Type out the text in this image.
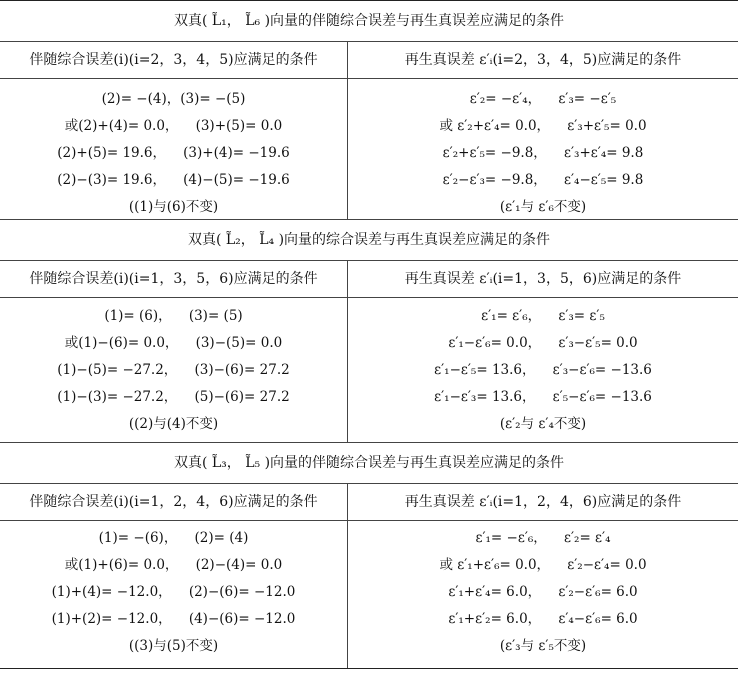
双真( L̃₁， L̃₆ )向量的伴随综合误差与再生真误差应满足的条件
伴随综合误差(i)(i=2，3，4，5)应满足的条件	再生真误差 ε′ᵢ(i=2，3，4，5)应满足的条件
(2)= −(4)，(3)= −(5)
或(2)+(4)= 0.0，    (3)+(5)= 0.0
(2)+(5)= 19.6，    (3)+(4)= −19.6
(2)−(3)= 19.6，    (4)−(5)= −19.6
((1)与(6)不变)
ε′₂= −ε′₄，    ε′₃= −ε′₅
或 ε′₂+ε′₄= 0.0，    ε′₃+ε′₅= 0.0
ε′₂+ε′₅= −9.8，    ε′₃+ε′₄= 9.8
ε′₂−ε′₃= −9.8，    ε′₄−ε′₅= 9.8
(ε′₁与 ε′₆不变)
双真( L̃₂， L̃₄ )向量的综合误差与再生真误差应满足的条件
伴随综合误差(i)(i=1，3，5，6)应满足的条件	再生真误差 ε′ᵢ(i=1，3，5，6)应满足的条件
(1)= (6)，    (3)= (5)
或(1)−(6)= 0.0，    (3)−(5)= 0.0
(1)−(5)= −27.2，    (3)−(6)= 27.2
(1)−(3)= −27.2，    (5)−(6)= 27.2
((2)与(4)不变)
ε′₁= ε′₆，    ε′₃= ε′₅
ε′₁−ε′₆= 0.0，    ε′₃−ε′₅= 0.0
ε′₁−ε′₅= 13.6，    ε′₃−ε′₆= −13.6
ε′₁−ε′₃= 13.6，    ε′₅−ε′₆= −13.6
(ε′₂与 ε′₄不变)
双真( L̃₃， L̃₅ )向量的伴随综合误差与再生真误差应满足的条件
伴随综合误差(i)(i=1，2，4，6)应满足的条件	再生真误差 ε′ᵢ(i=1，2，4，6)应满足的条件
(1)= −(6)，    (2)= (4)
或(1)+(6)= 0.0，    (2)−(4)= 0.0
(1)+(4)= −12.0，    (2)−(6)= −12.0
(1)+(2)= −12.0，    (4)−(6)= −12.0
((3)与(5)不变)
ε′₁= −ε′₆，    ε′₂= ε′₄
或 ε′₁+ε′₆= 0.0，    ε′₂−ε′₄= 0.0
ε′₁+ε′₄= 6.0，    ε′₂−ε′₆= 6.0
ε′₁+ε′₂= 6.0，    ε′₄−ε′₆= 6.0
(ε′₃与 ε′₅不变)
